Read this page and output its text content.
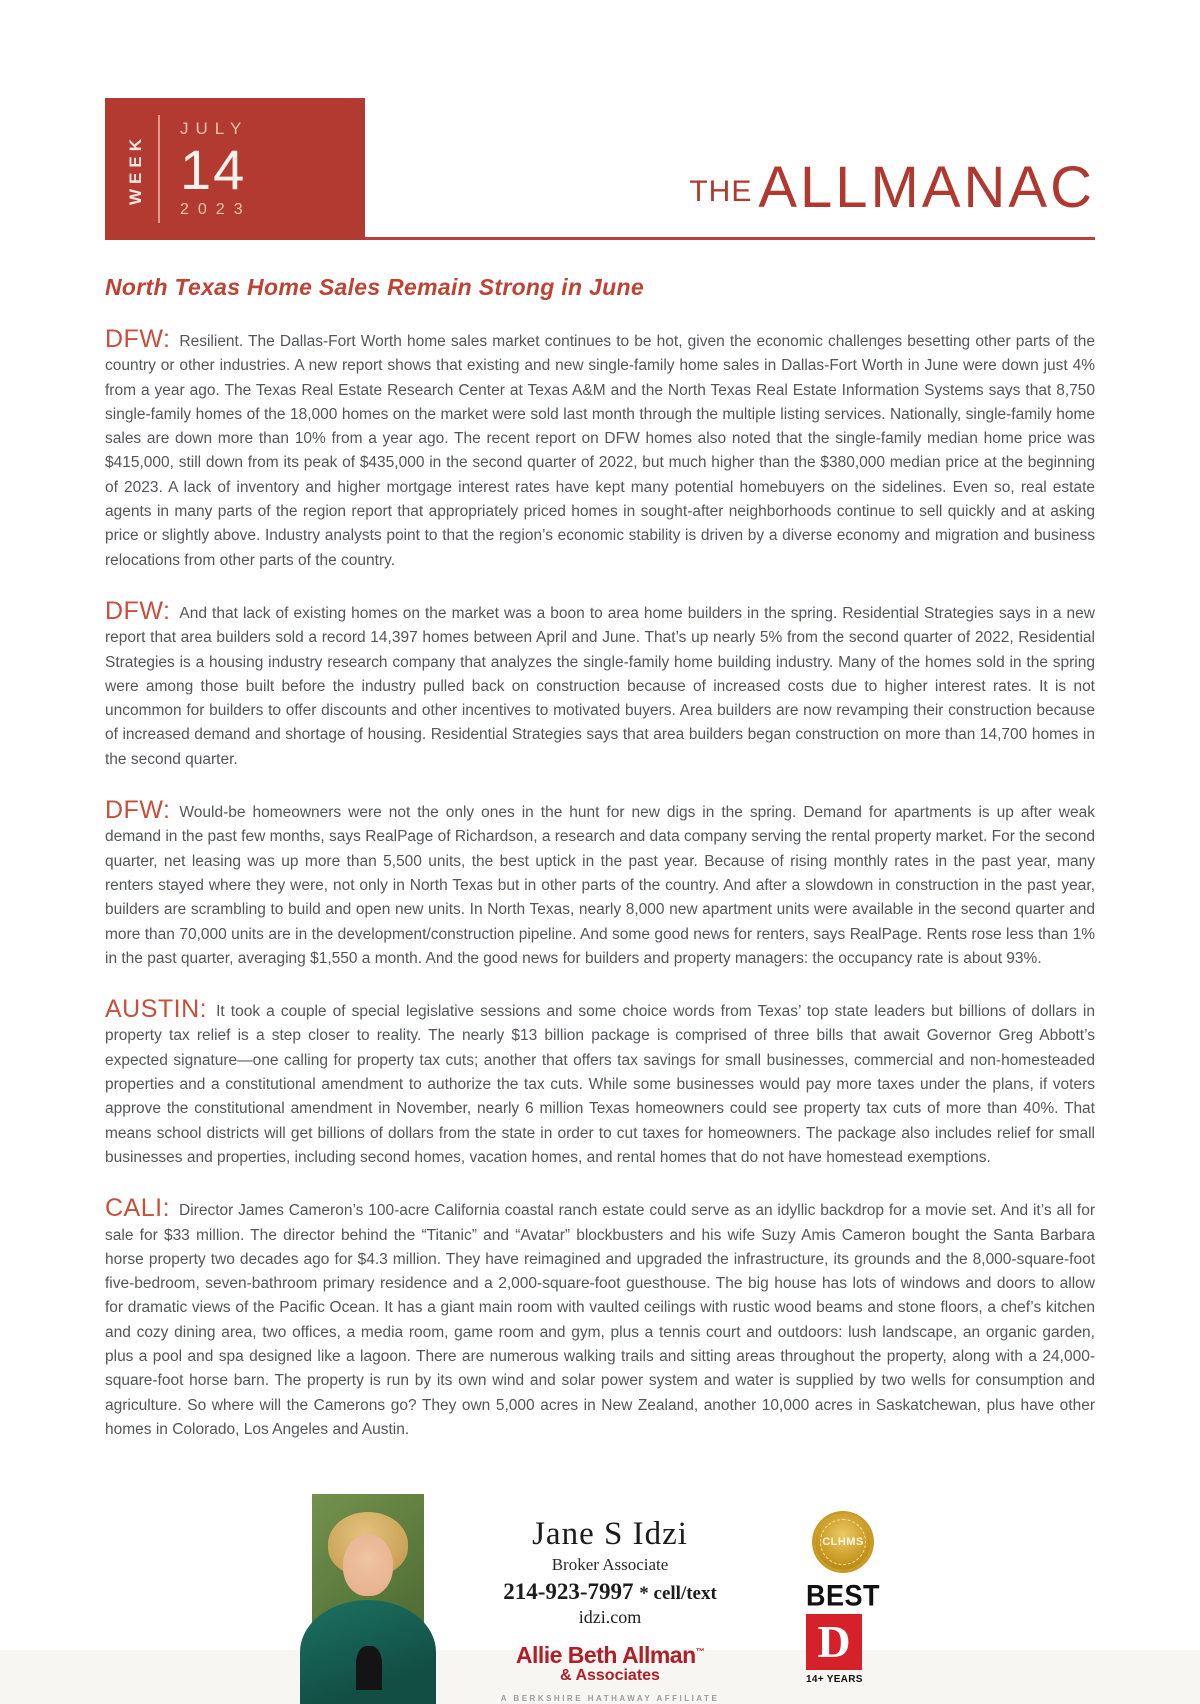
WEEK
JULY
14
2023
THE ALLMANAC
North Texas Home Sales Remain Strong in June

DFW: Resilient. The Dallas-Fort Worth home sales market continues to be hot, given the economic challenges besetting other parts of the country or other industries. A new report shows that existing and new single-family home sales in Dallas-Fort Worth in June were down just 4% from a year ago. The Texas Real Estate Research Center at Texas A&M and the North Texas Real Estate Information Systems says that 8,750 single-family homes of the 18,000 homes on the market were sold last month through the multiple listing services. Nationally, single-family home sales are down more than 10% from a year ago. The recent report on DFW homes also noted that the single-family median home price was $415,000, still down from its peak of $435,000 in the second quarter of 2022, but much higher than the $380,000 median price at the beginning of 2023. A lack of inventory and higher mortgage interest rates have kept many potential homebuyers on the sidelines. Even so, real estate agents in many parts of the region report that appropriately priced homes in sought-after neighborhoods continue to sell quickly and at asking price or slightly above. Industry analysts point to that the region’s economic stability is driven by a diverse economy and migration and business relocations from other parts of the country.

DFW: And that lack of existing homes on the market was a boon to area home builders in the spring. Residential Strategies says in a new report that area builders sold a record 14,397 homes between April and June. That’s up nearly 5% from the second quarter of 2022, Residential Strategies is a housing industry research company that analyzes the single-family home building industry. Many of the homes sold in the spring were among those built before the industry pulled back on construction because of increased costs due to higher interest rates. It is not uncommon for builders to offer discounts and other incentives to motivated buyers. Area builders are now revamping their construction because of increased demand and shortage of housing. Residential Strategies says that area builders began construction on more than 14,700 homes in the second quarter.

DFW: Would-be homeowners were not the only ones in the hunt for new digs in the spring. Demand for apartments is up after weak demand in the past few months, says RealPage of Richardson, a research and data company serving the rental property market. For the second quarter, net leasing was up more than 5,500 units, the best uptick in the past year. Because of rising monthly rates in the past year, many renters stayed where they were, not only in North Texas but in other parts of the country. And after a slowdown in construction in the past year, builders are scrambling to build and open new units. In North Texas, nearly 8,000 new apartment units were available in the second quarter and more than 70,000 units are in the development/construction pipeline. And some good news for renters, says RealPage. Rents rose less than 1% in the past quarter, averaging $1,550 a month. And the good news for builders and property managers: the occupancy rate is about 93%.

AUSTIN: It took a couple of special legislative sessions and some choice words from Texas’ top state leaders but billions of dollars in property tax relief is a step closer to reality. The nearly $13 billion package is comprised of three bills that await Governor Greg Abbott’s expected signature—one calling for property tax cuts; another that offers tax savings for small businesses, commercial and non-homesteaded properties and a constitutional amendment to authorize the tax cuts. While some businesses would pay more taxes under the plans, if voters approve the constitutional amendment in November, nearly 6 million Texas homeowners could see property tax cuts of more than 40%. That means school districts will get billions of dollars from the state in order to cut taxes for homeowners. The package also includes relief for small businesses and properties, including second homes, vacation homes, and rental homes that do not have homestead exemptions.

CALI: Director James Cameron’s 100-acre California coastal ranch estate could serve as an idyllic backdrop for a movie set. And it’s all for sale for $33 million. The director behind the “Titanic” and “Avatar” blockbusters and his wife Suzy Amis Cameron bought the Santa Barbara horse property two decades ago for $4.3 million. They have reimagined and upgraded the infrastructure, its grounds and the 8,000-square-foot five-bedroom, seven-bathroom primary residence and a 2,000-square-foot guesthouse. The big house has lots of windows and doors to allow for dramatic views of the Pacific Ocean. It has a giant main room with vaulted ceilings with rustic wood beams and stone floors, a chef’s kitchen and cozy dining area, two offices, a media room, game room and gym, plus a tennis court and outdoors: lush landscape, an organic garden, plus a pool and spa designed like a lagoon. There are numerous walking trails and sitting areas throughout the property, along with a 24,000-square-foot horse barn. The property is run by its own wind and solar power system and water is supplied by two wells for consumption and agriculture. So where will the Camerons go? They own 5,000 acres in New Zealand, another 10,000 acres in Saskatchewan, plus have other homes in Colorado, Los Angeles and Austin.

Jane S Idzi
Broker Associate
214-923-7997 * cell/text
idzi.com
Allie Beth Allman™
& Associates
A BERKSHIRE HATHAWAY AFFILIATE
CLHMS
BEST
D
14+ YEARS
